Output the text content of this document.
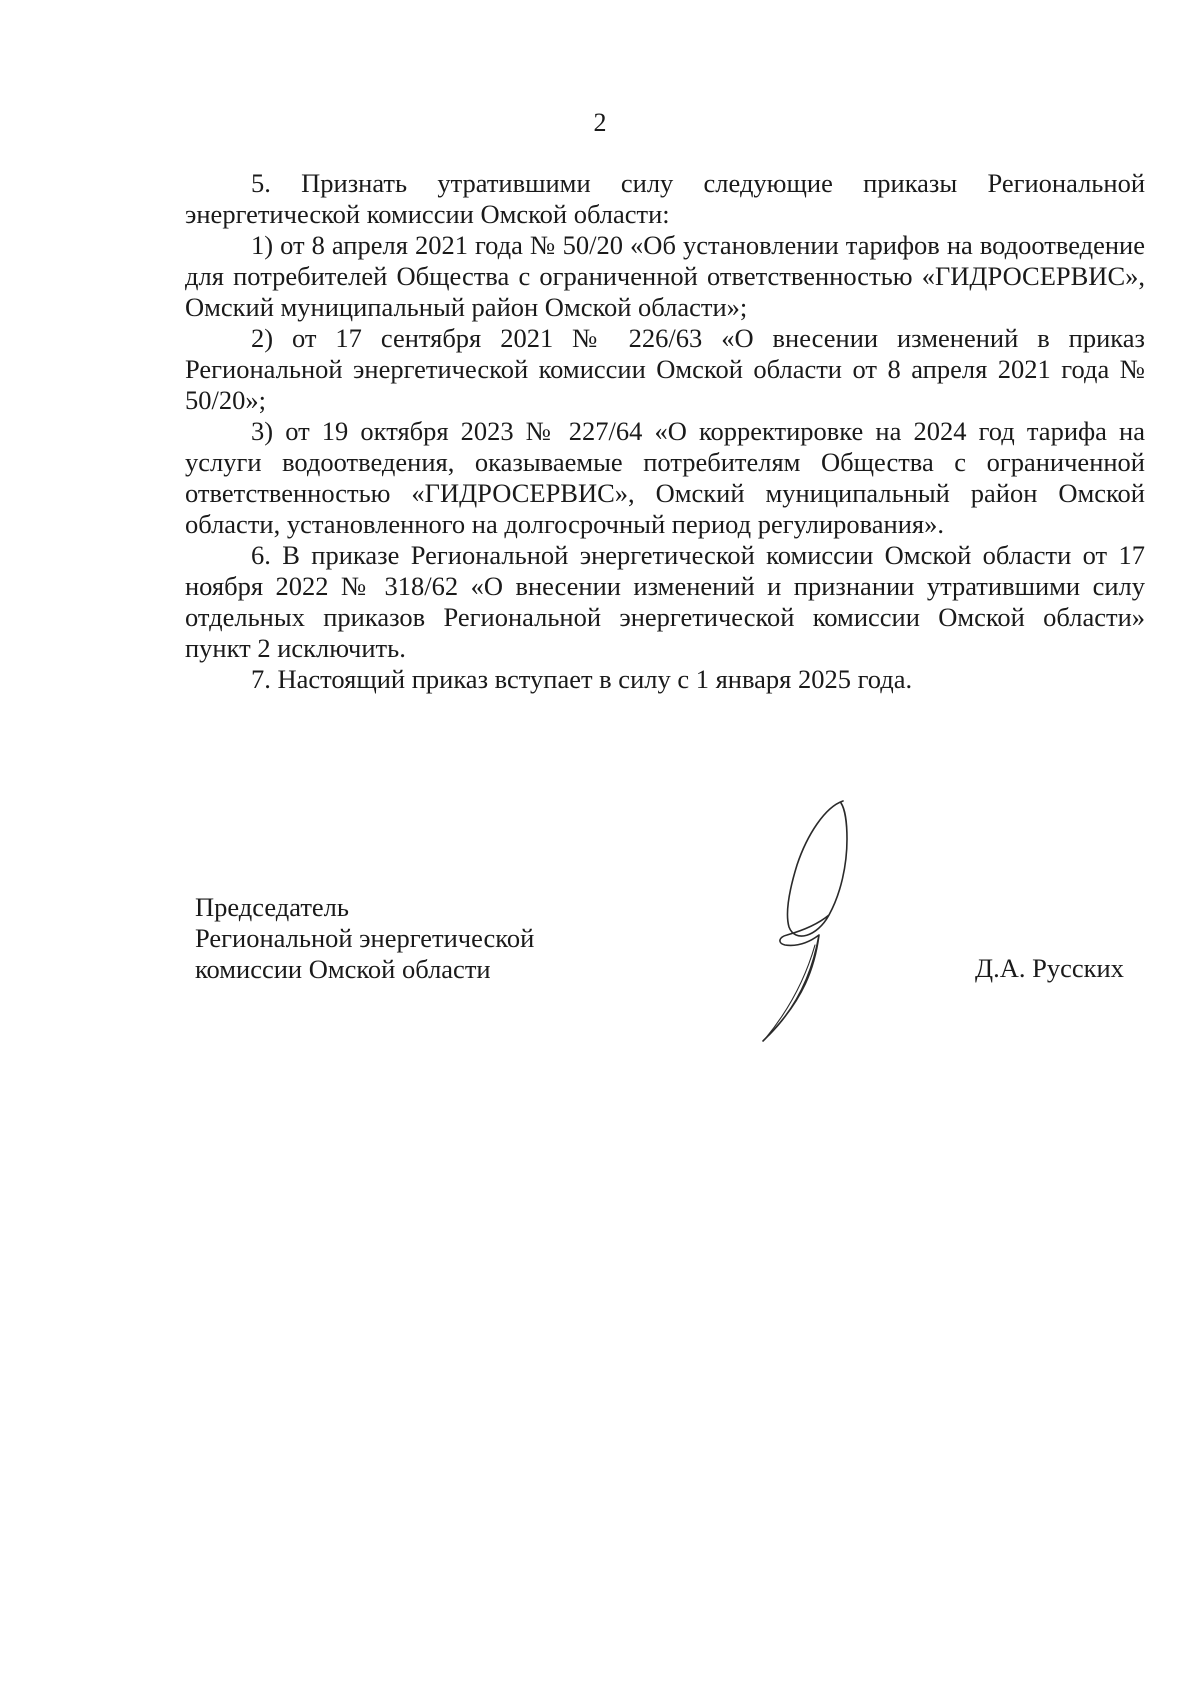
2

5. Признать утратившими силу следующие приказы Региональной энергетической комиссии Омской области:

1) от 8 апреля 2021 года № 50/20 «Об установлении тарифов на водоотведение для потребителей Общества с ограниченной ответственностью «ГИДРОСЕРВИС», Омский муниципальный район Омской области»;

2) от 17 сентября 2021 № 226/63 «О внесении изменений в приказ Региональной энергетической комиссии Омской области от 8 апреля 2021 года № 50/20»;

3) от 19 октября 2023 № 227/64 «О корректировке на 2024 год тарифа на услуги водоотведения, оказываемые потребителям Общества с ограниченной ответственностью «ГИДРОСЕРВИС», Омский муниципальный район Омской области, установленного на долгосрочный период регулирования».

6. В приказе Региональной энергетической комиссии Омской области от 17 ноября 2022 № 318/62 «О внесении изменений и признании утратившими силу отдельных приказов Региональной энергетической комиссии Омской области» пункт 2 исключить.

7. Настоящий приказ вступает в силу с 1 января 2025 года.

Председатель
Региональной энергетической
комиссии Омской области	Д.А. Русских
